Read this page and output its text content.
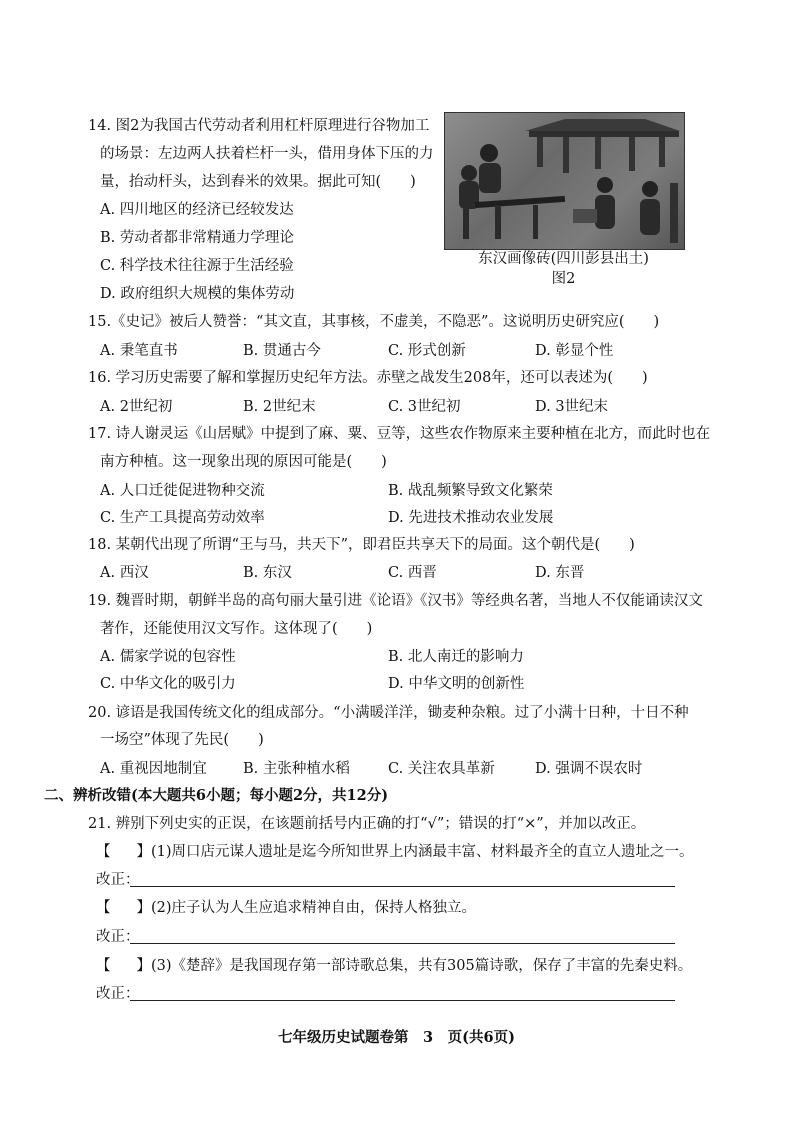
14. 图2为我国古代劳动者利用杠杆原理进行谷物加工
的场景：左边两人扶着栏杆一头，借用身体下压的力
量，抬动杆头，达到舂米的效果。据此可知(　　)
A. 四川地区的经济已经较发达
B. 劳动者都非常精通力学理论
C. 科学技术往往源于生活经验
D. 政府组织大规模的集体劳动
东汉画像砖(四川彭县出土)
图2
15.《史记》被后人赞誉：“其文直，其事核，不虚美，不隐恶”。这说明历史研究应(　　)
A. 秉笔直书	B. 贯通古今	C. 形式创新	D. 彰显个性
16. 学习历史需要了解和掌握历史纪年方法。赤壁之战发生208年，还可以表述为(　　)
A. 2世纪初	B. 2世纪末	C. 3世纪初	D. 3世纪末
17. 诗人谢灵运《山居赋》中提到了麻、粟、豆等，这些农作物原来主要种植在北方，而此时也在
南方种植。这一现象出现的原因可能是(　　)
A. 人口迁徙促进物种交流	B. 战乱频繁导致文化繁荣
C. 生产工具提高劳动效率	D. 先进技术推动农业发展
18. 某朝代出现了所谓“王与马，共天下”，即君臣共享天下的局面。这个朝代是(　　)
A. 西汉	B. 东汉	C. 西晋	D. 东晋
19. 魏晋时期，朝鲜半岛的高句丽大量引进《论语》《汉书》等经典名著，当地人不仅能诵读汉文
著作，还能使用汉文写作。这体现了(　　)
A. 儒家学说的包容性	B. 北人南迁的影响力
C. 中华文化的吸引力	D. 中华文明的创新性
20. 谚语是我国传统文化的组成部分。“小满暖洋洋，锄麦种杂粮。过了小满十日种，十日不种
一场空”体现了先民(　　)
A. 重视因地制宜	B. 主张种植水稻	C. 关注农具革新	D. 强调不误农时
二、辨析改错(本大题共6小题；每小题2分，共12分)
21. 辨别下列史实的正误，在该题前括号内正确的打“√”；错误的打“×”，并加以改正。
【 】(1)周口店元谋人遗址是迄今所知世界上内涵最丰富、材料最齐全的直立人遗址之一。
改正：
【 】(2)庄子认为人生应追求精神自由，保持人格独立。
改正：
【 】(3)《楚辞》是我国现存第一部诗歌总集，共有305篇诗歌，保存了丰富的先秦史料。
改正：
七年级历史试题卷第　3　页(共6页)
